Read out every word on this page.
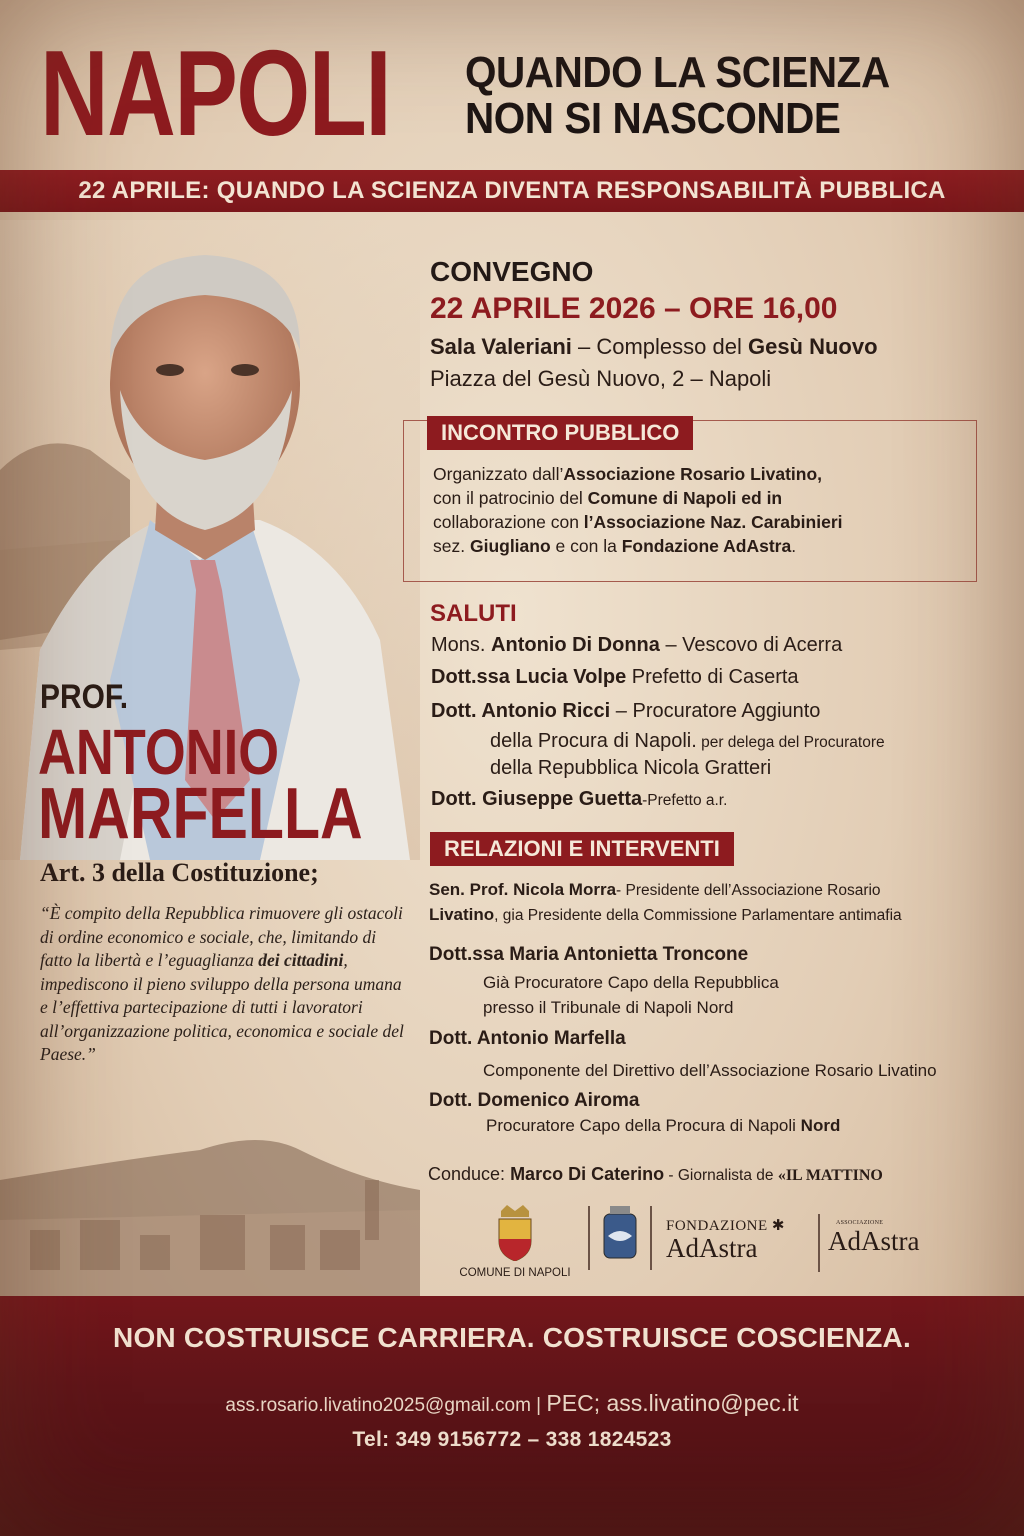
NAPOLI QUANDO LA SCIENZA
NON SI NASCONDE
22 APRILE: QUANDO LA SCIENZA DIVENTA RESPONSABILITÀ PUBBLICA
PROF.
ANTONIO
MARFELLA
Art. 3 della Costituzione;
“È compito della Repubblica rimuovere gli ostacoli di ordine economico e sociale, che, limitando di fatto la libertà e l’eguaglianza dei cittadini, impediscono il pieno sviluppo della persona umana e l’effettiva partecipazione di tutti i lavoratori all’organizzazione politica, economica e sociale del Paese.”
CONVEGNO
22 APRILE 2026 – ORE 16,00
Sala Valeriani – Complesso del Gesù Nuovo
Piazza del Gesù Nuovo, 2 – Napoli
INCONTRO PUBBLICO
Organizzato dall’Associazione Rosario Livatino,
con il patrocinio del Comune di Napoli ed in
collaborazione con l’Associazione Naz. Carabinieri
sez. Giugliano e con la Fondazione AdAstra.
SALUTI
Mons. Antonio Di Donna – Vescovo di Acerra
Dott.ssa Lucia Volpe Prefetto di Caserta
Dott. Antonio Ricci – Procuratore Aggiunto
della Procura di Napoli. per delega del Procuratore
della Repubblica Nicola Gratteri
Dott. Giuseppe Guetta-Prefetto a.r.
RELAZIONI E INTERVENTI
Sen. Prof. Nicola Morra- Presidente dell’Associazione Rosario
Livatino, gia Presidente della Commissione Parlamentare antimafia
Dott.ssa Maria Antonietta Troncone
Già Procuratore Capo della Repubblica
presso il Tribunale di Napoli Nord
Dott. Antonio Marfella
Componente del Direttivo dell’Associazione Rosario Livatino
Dott. Domenico Airoma
Procuratore Capo della Procura di Napoli Nord
Conduce: Marco Di Caterino - Giornalista de «IL MATTINO
COMUNE DI NAPOLI
FONDAZIONE ✱
AdAstra
ASSOCIAZIONE
AdAstra
NON COSTRUISCE CARRIERA. COSTRUISCE COSCIENZA.
ass.rosario.livatino2025@gmail.com | PEC; ass.livatino@pec.it
Tel: 349 9156772 – 338 1824523
